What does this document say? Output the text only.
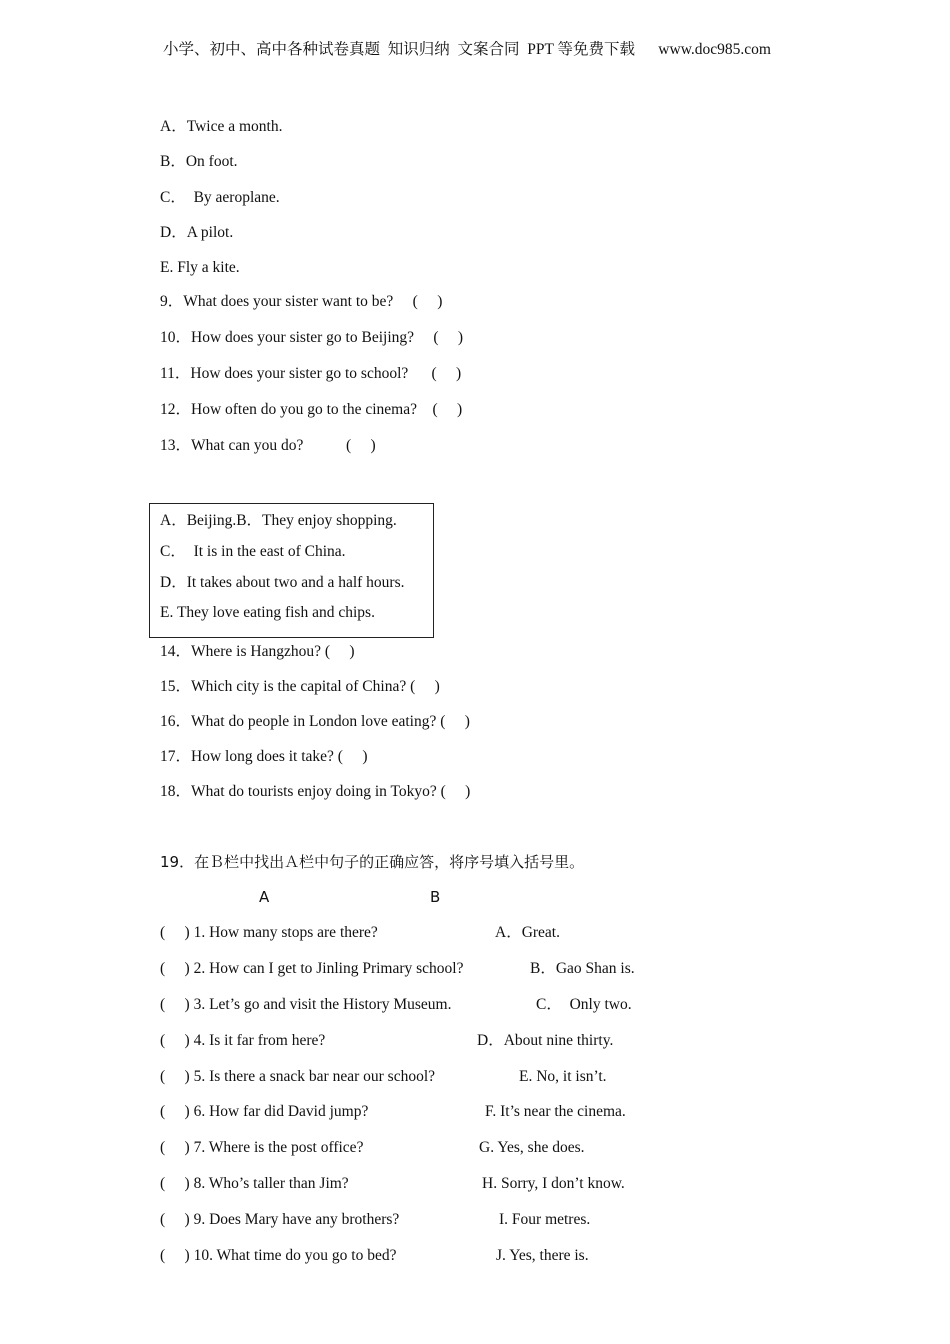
小学、初中、高中各种试卷真题  知识归纳  文案合同  PPT 等免费下载      www.doc985.com
A．Twice a month.
B．On foot.
C．  By aeroplane.
D．A pilot.
E. Fly a kite.
9．What does your sister want to be?     (     )
10．How does your sister go to Beijing?     (     )
11．How does your sister go to school?      (     )
12．How often do you go to the cinema?    (     )
13．What can you do?           (     )
A．Beijing.B．They enjoy shopping.
C．  It is in the east of China.
D．It takes about two and a half hours.
E. They love eating fish and chips.
14．Where is Hangzhou? (     )
15．Which city is the capital of China? (     )
16．What do people in London love eating? (     )
17．How long does it take? (     )
18．What do tourists enjoy doing in Tokyo? (     )
19．在Ｂ栏中找出Ａ栏中句子的正确应答，将序号填入括号里。
A	B
(     ) 1. How many stops are there?	A．Great.
(     ) 2. How can I get to Jinling Primary school?	B．Gao Shan is.
(     ) 3. Let’s go and visit the History Museum.	C．  Only two.
(     ) 4. Is it far from here?	D．About nine thirty.
(     ) 5. Is there a snack bar near our school?	E. No, it isn’t.
(     ) 6. How far did David jump?	F. It’s near the cinema.
(     ) 7. Where is the post office?	G. Yes, she does.
(     ) 8. Who’s taller than Jim?	H. Sorry, I don’t know.
(     ) 9. Does Mary have any brothers?	I. Four metres.
(     ) 10. What time do you go to bed?	J. Yes, there is.
